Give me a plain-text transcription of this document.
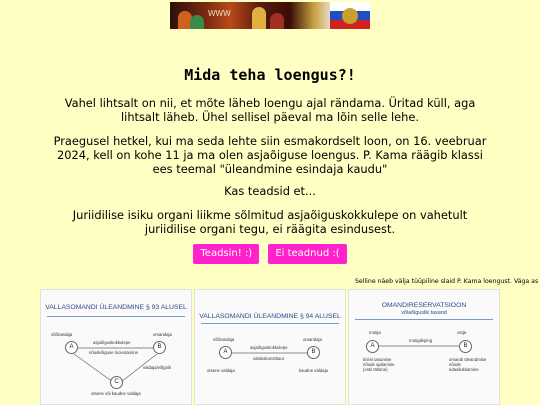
WWW
Mida teha loengus?!
Vahel lihtsalt on nii, et mõte läheb loengu ajal rändama. Üritad küll, aga lihtsalt läheb. Ühel sellisel päeval ma lõin selle lehe.
Praegusel hetkel, kui ma seda lehte siin esmakordselt loon, on 16. veebruar 2024, kell on kohe 11 ja ma olen asjaõiguse loengus. P. Kama räägib klassi ees teemal "üleandmine esindaja kaudu"
Kas teadsid et...
Juriidilise isiku organi liikme sõlmitud asjaõiguskokkulepe on vahetult juriidilise organi tegu, ei räägita esindusest.
Teadsin! :) Ei teadnud :(
Selline näeb välja tüüpiline slaid P. Kama loengust. Väga as
VALLASOMANDI ÜLEANDMINE § 93 ALUSEL
võõrandaja	omandaja
asjaõiguskokkulepe
nõudeõiguse loovutamine
valdaja/võlgnik
A	B
C
otsene või kaudne valdaja
VALLASOMANDI ÜLEANDMINE § 94 ALUSEL
võõrandaja	omandaja
asjaõiguskokkulepe
valduskonstituut
A	B
otsene valdaja	kaudne valdaja
OMANDIRESERVATSIOON
võlaõiguslik tasand
müüja	ostja
müügileping
A	B
tinimi tasumise
nõude ajalamine
(ostii tähtine)
omandi üleandmise
nõude
edasilükkamine
